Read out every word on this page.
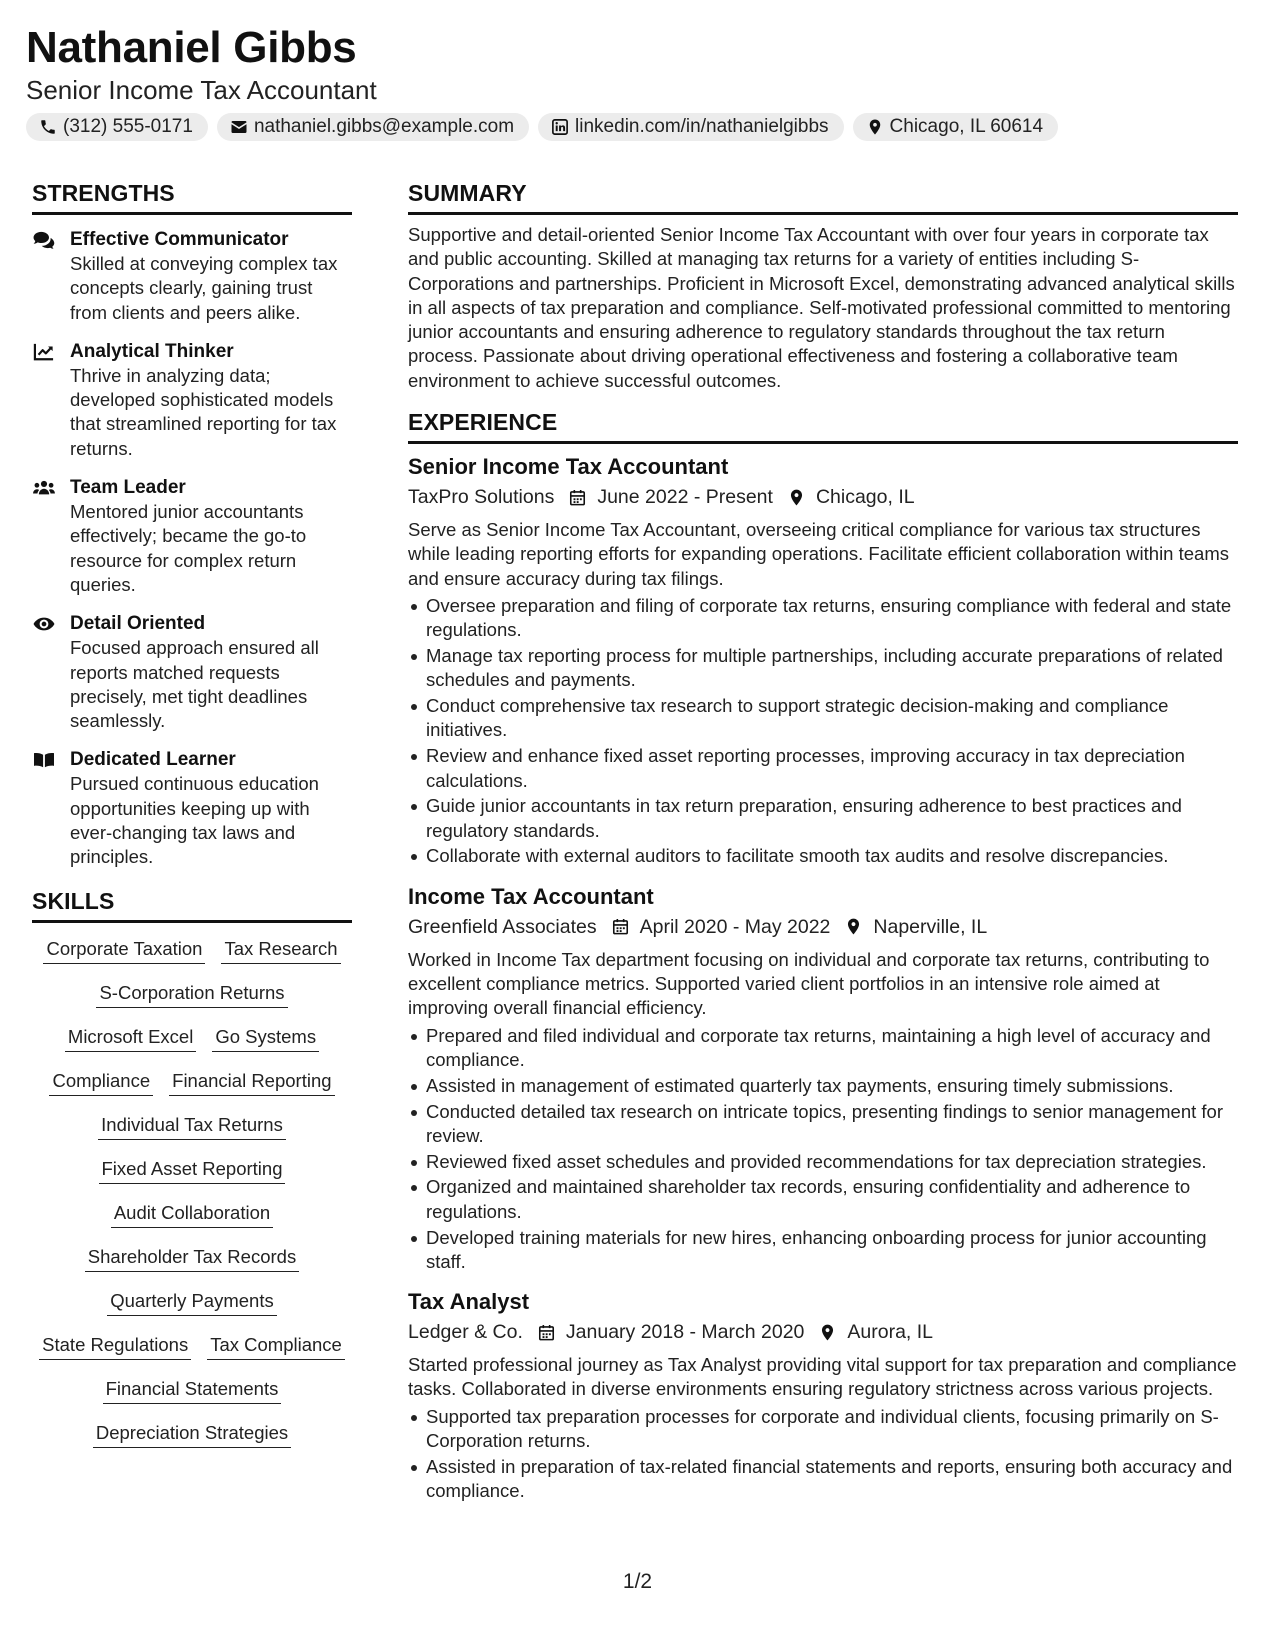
Nathaniel Gibbs
Senior Income Tax Accountant
(312) 555-0171	nathaniel.gibbs@example.com	linkedin.com/in/nathanielgibbs	Chicago, IL 60614
STRENGTHS
Effective Communicator
Skilled at conveying complex tax concepts clearly, gaining trust from clients and peers alike.
Analytical Thinker
Thrive in analyzing data; developed sophisticated models that streamlined reporting for tax returns.
Team Leader
Mentored junior accountants effectively; became the go-to resource for complex return queries.
Detail Oriented
Focused approach ensured all reports matched requests precisely, met tight deadlines seamlessly.
Dedicated Learner
Pursued continuous education opportunities keeping up with ever-changing tax laws and principles.
SKILLS
Corporate Taxation Tax Research
S-Corporation Returns
Microsoft Excel Go Systems
Compliance Financial Reporting
Individual Tax Returns
Fixed Asset Reporting
Audit Collaboration
Shareholder Tax Records
Quarterly Payments
State Regulations Tax Compliance
Financial Statements
Depreciation Strategies
SUMMARY
Supportive and detail-oriented Senior Income Tax Accountant with over four years in corporate tax and public accounting. Skilled at managing tax returns for a variety of entities including S-Corporations and partnerships. Proficient in Microsoft Excel, demonstrating advanced analytical skills in all aspects of tax preparation and compliance. Self-motivated professional committed to mentoring junior accountants and ensuring adherence to regulatory standards throughout the tax return process. Passionate about driving operational effectiveness and fostering a collaborative team environment to achieve successful outcomes.
EXPERIENCE
Senior Income Tax Accountant
TaxPro Solutions June 2022 - Present Chicago, IL
Serve as Senior Income Tax Accountant, overseeing critical compliance for various tax structures while leading reporting efforts for expanding operations. Facilitate efficient collaboration within teams and ensure accuracy during tax filings.
Oversee preparation and filing of corporate tax returns, ensuring compliance with federal and state regulations.
Manage tax reporting process for multiple partnerships, including accurate preparations of related schedules and payments.
Conduct comprehensive tax research to support strategic decision-making and compliance initiatives.
Review and enhance fixed asset reporting processes, improving accuracy in tax depreciation calculations.
Guide junior accountants in tax return preparation, ensuring adherence to best practices and regulatory standards.
Collaborate with external auditors to facilitate smooth tax audits and resolve discrepancies.
Income Tax Accountant
Greenfield Associates April 2020 - May 2022 Naperville, IL
Worked in Income Tax department focusing on individual and corporate tax returns, contributing to excellent compliance metrics. Supported varied client portfolios in an intensive role aimed at improving overall financial efficiency.
Prepared and filed individual and corporate tax returns, maintaining a high level of accuracy and compliance.
Assisted in management of estimated quarterly tax payments, ensuring timely submissions.
Conducted detailed tax research on intricate topics, presenting findings to senior management for review.
Reviewed fixed asset schedules and provided recommendations for tax depreciation strategies.
Organized and maintained shareholder tax records, ensuring confidentiality and adherence to regulations.
Developed training materials for new hires, enhancing onboarding process for junior accounting staff.
Tax Analyst
Ledger & Co. January 2018 - March 2020 Aurora, IL
Started professional journey as Tax Analyst providing vital support for tax preparation and compliance tasks. Collaborated in diverse environments ensuring regulatory strictness across various projects.
Supported tax preparation processes for corporate and individual clients, focusing primarily on S-Corporation returns.
Assisted in preparation of tax-related financial statements and reports, ensuring both accuracy and compliance.
1/2
